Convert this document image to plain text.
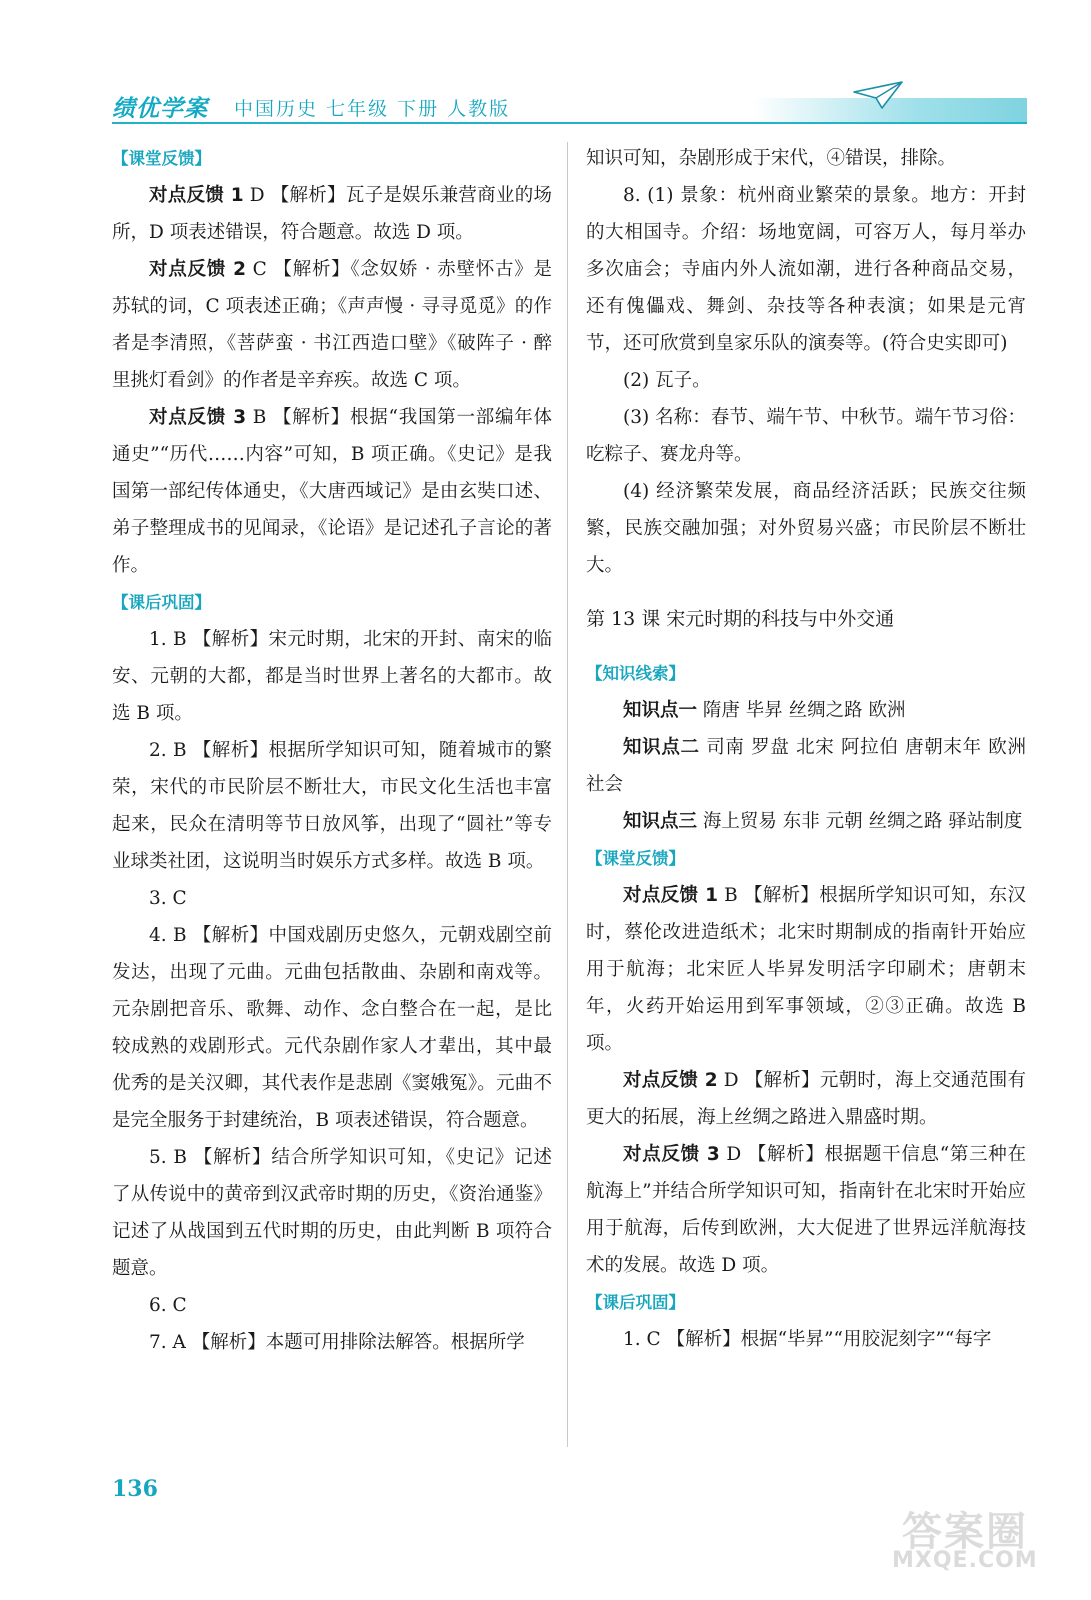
绩优学案 中国历史 七年级 下册 人教版
【课堂反馈】

对点反馈 1 D 【解析】瓦子是娱乐兼营商业的场所，D 项表述错误，符合题意。故选 D 项。

对点反馈 2 C 【解析】《念奴娇 · 赤壁怀古》是苏轼的词，C 项表述正确；《声声慢 · 寻寻觅觅》的作者是李清照，《菩萨蛮 · 书江西造口壁》《破阵子 · 醉里挑灯看剑》的作者是辛弃疾。故选 C 项。

对点反馈 3 B 【解析】根据“我国第一部编年体通史”“历代……内容”可知，B 项正确。《史记》是我国第一部纪传体通史，《大唐西域记》是由玄奘口述、弟子整理成书的见闻录，《论语》是记述孔子言论的著作。

【课后巩固】

1. B 【解析】宋元时期，北宋的开封、南宋的临安、元朝的大都，都是当时世界上著名的大都市。故选 B 项。

2. B 【解析】根据所学知识可知，随着城市的繁荣，宋代的市民阶层不断壮大，市民文化生活也丰富起来，民众在清明等节日放风筝，出现了“圆社”等专业球类社团，这说明当时娱乐方式多样。故选 B 项。

3. C

4. B 【解析】中国戏剧历史悠久，元朝戏剧空前发达，出现了元曲。元曲包括散曲、杂剧和南戏等。元杂剧把音乐、歌舞、动作、念白整合在一起，是比较成熟的戏剧形式。元代杂剧作家人才辈出，其中最优秀的是关汉卿，其代表作是悲剧《窦娥冤》。元曲不是完全服务于封建统治，B 项表述错误，符合题意。

5. B 【解析】结合所学知识可知，《史记》记述了从传说中的黄帝到汉武帝时期的历史，《资治通鉴》记述了从战国到五代时期的历史，由此判断 B 项符合题意。

6. C

7. A 【解析】本题可用排除法解答。根据所学

知识可知，杂剧形成于宋代，④错误，排除。

8. (1) 景象：杭州商业繁荣的景象。地方：开封的大相国寺。介绍：场地宽阔，可容万人，每月举办多次庙会；寺庙内外人流如潮，进行各种商品交易，还有傀儡戏、舞剑、杂技等各种表演；如果是元宵节，还可欣赏到皇家乐队的演奏等。(符合史实即可)

(2) 瓦子。

(3) 名称：春节、端午节、中秋节。端午节习俗：吃粽子、赛龙舟等。

(4) 经济繁荣发展，商品经济活跃；民族交往频繁，民族交融加强；对外贸易兴盛；市民阶层不断壮大。

第 13 课 宋元时期的科技与中外交通

【知识线索】

知识点一 隋唐 毕昇 丝绸之路 欧洲

知识点二 司南 罗盘 北宋 阿拉伯 唐朝末年 欧洲社会

知识点三 海上贸易 东非 元朝 丝绸之路 驿站制度

【课堂反馈】

对点反馈 1 B 【解析】根据所学知识可知，东汉时，蔡伦改进造纸术；北宋时期制成的指南针开始应用于航海；北宋匠人毕昇发明活字印刷术；唐朝末年，火药开始运用到军事领域，②③正确。故选 B 项。

对点反馈 2 D 【解析】元朝时，海上交通范围有更大的拓展，海上丝绸之路进入鼎盛时期。

对点反馈 3 D 【解析】根据题干信息“第三种在航海上”并结合所学知识可知，指南针在北宋时开始应用于航海，后传到欧洲，大大促进了世界远洋航海技术的发展。故选 D 项。

【课后巩固】

1. C 【解析】根据“毕昇”“用胶泥刻字”“每字

136
答案圈
MXQE.COM
